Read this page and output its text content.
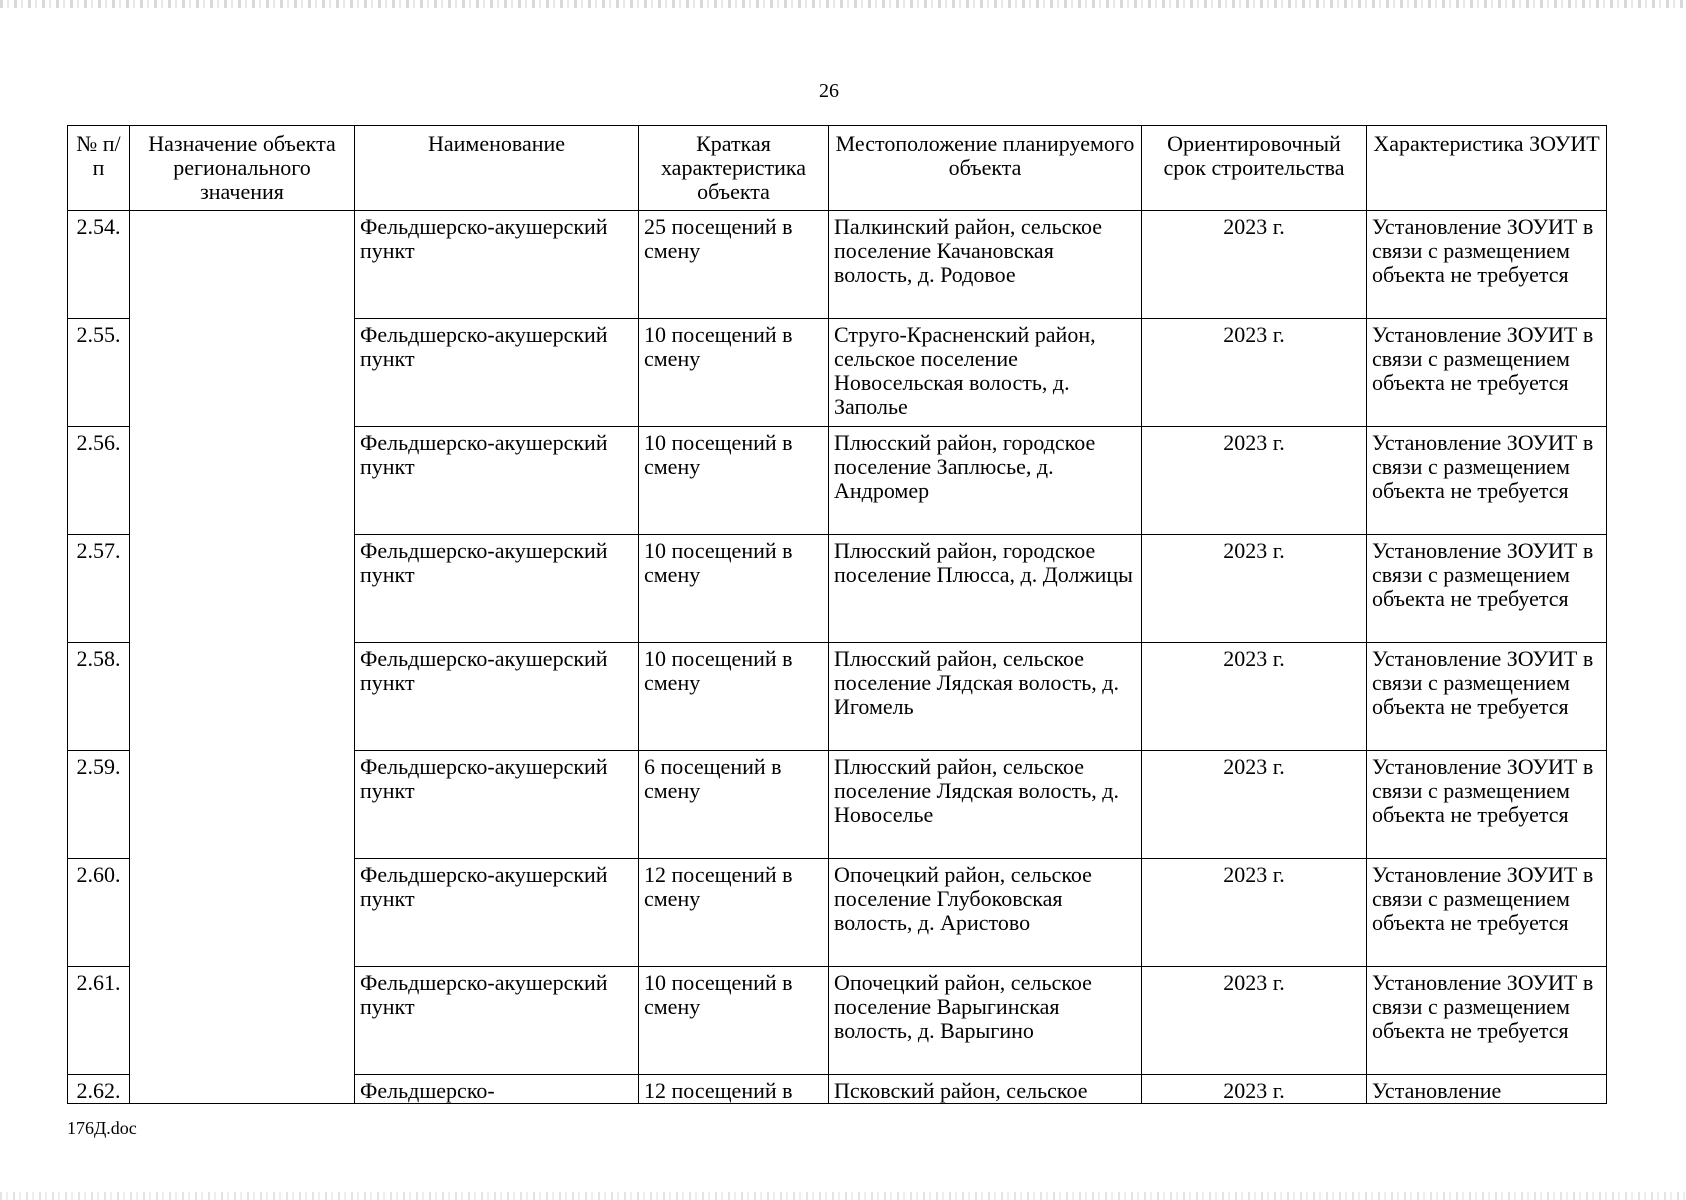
26
№ п/п	Назначение объекта регионального значения	Наименование	Краткая характеристика объекта	Местоположение планируемого объекта	Ориентировочный срок строительства	Характеристика ЗОУИТ
2.54.		Фельдшерско-акушерский пункт	25 посещений в смену	Палкинский район, сельское поселение Качановская волость, д. Родовое	2023 г.	Установление ЗОУИТ в связи с размещением объекта не требуется
2.55.		Фельдшерско-акушерский пункт	10 посещений в смену	Струго-Красненский район, сельское поселение Новосельская волость, д. Заполье	2023 г.	Установление ЗОУИТ в связи с размещением объекта не требуется
2.56.		Фельдшерско-акушерский пункт	10 посещений в смену	Плюсский район, городское поселение Заплюсье, д. Андромер	2023 г.	Установление ЗОУИТ в связи с размещением объекта не требуется
2.57.		Фельдшерско-акушерский пункт	10 посещений в смену	Плюсский район, городское поселение Плюсса, д. Должицы	2023 г.	Установление ЗОУИТ в связи с размещением объекта не требуется
2.58.		Фельдшерско-акушерский пункт	10 посещений в смену	Плюсский район, сельское поселение Лядская волость, д. Игомель	2023 г.	Установление ЗОУИТ в связи с размещением объекта не требуется
2.59.		Фельдшерско-акушерский пункт	6 посещений в смену	Плюсский район, сельское поселение Лядская волость, д. Новоселье	2023 г.	Установление ЗОУИТ в связи с размещением объекта не требуется
2.60.		Фельдшерско-акушерский пункт	12 посещений в смену	Опочецкий район, сельское поселение Глубоковская волость, д. Аристово	2023 г.	Установление ЗОУИТ в связи с размещением объекта не требуется
2.61.		Фельдшерско-акушерский пункт	10 посещений в смену	Опочецкий район, сельское поселение Варыгинская волость, д. Варыгино	2023 г.	Установление ЗОУИТ в связи с размещением объекта не требуется
2.62.		Фельдшерско-	12 посещений в	Псковский район, сельское	2023 г.	Установление
176Д.doc
